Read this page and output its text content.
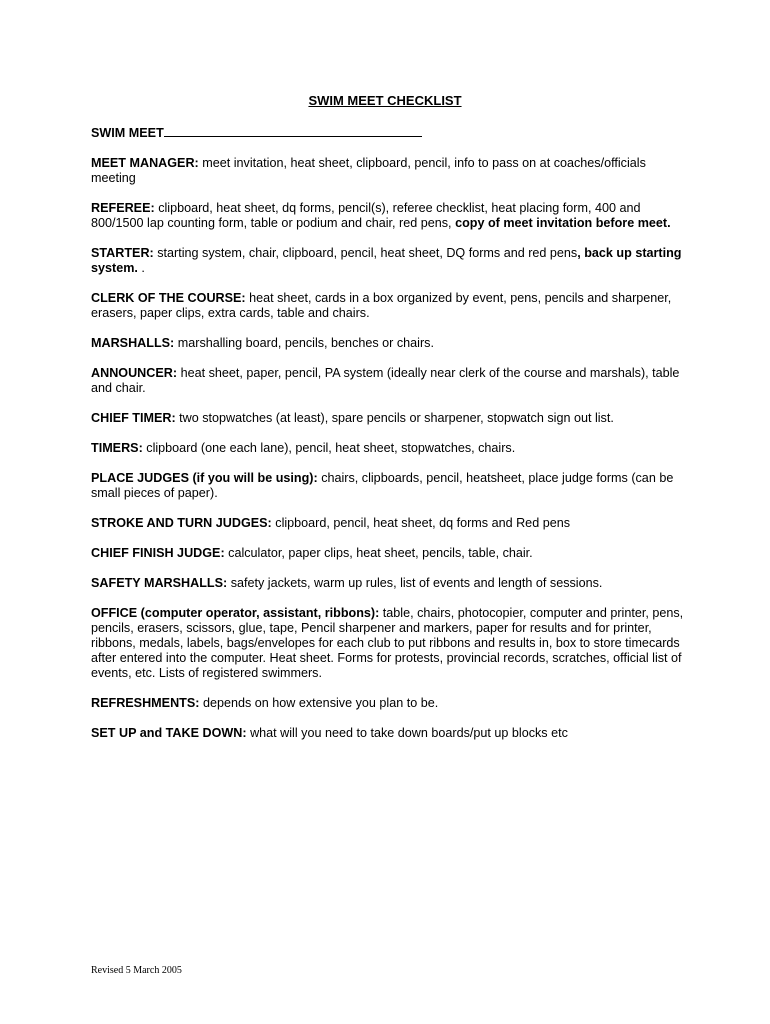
SWIM MEET CHECKLIST

SWIM MEET

MEET MANAGER: meet invitation, heat sheet, clipboard, pencil, info to pass on at coaches/officials meeting

REFEREE: clipboard, heat sheet, dq forms, pencil(s), referee checklist, heat placing form, 400 and 800/1500 lap counting form, table or podium and chair, red pens, copy of meet invitation before meet.

STARTER: starting system, chair, clipboard, pencil, heat sheet, DQ forms and red pens, back up starting system. .

CLERK OF THE COURSE: heat sheet, cards in a box organized by event, pens, pencils and sharpener, erasers, paper clips, extra cards, table and chairs.

MARSHALLS: marshalling board, pencils, benches or chairs.

ANNOUNCER: heat sheet, paper, pencil, PA system (ideally near clerk of the course and marshals), table and chair.

CHIEF TIMER: two stopwatches (at least), spare pencils or sharpener, stopwatch sign out list.

TIMERS: clipboard (one each lane), pencil, heat sheet, stopwatches, chairs.

PLACE JUDGES (if you will be using): chairs, clipboards, pencil, heatsheet, place judge forms (can be small pieces of paper).

STROKE AND TURN JUDGES: clipboard, pencil, heat sheet, dq forms and Red pens

CHIEF FINISH JUDGE: calculator, paper clips, heat sheet, pencils, table, chair.

SAFETY MARSHALLS: safety jackets, warm up rules, list of events and length of sessions.

OFFICE (computer operator, assistant, ribbons): table, chairs, photocopier, computer and printer, pens, pencils, erasers, scissors, glue, tape, Pencil sharpener and markers, paper for results and for printer, ribbons, medals, labels, bags/envelopes for each club to put ribbons and results in, box to store timecards after entered into the computer. Heat sheet. Forms for protests, provincial records, scratches, official list of events, etc. Lists of registered swimmers.

REFRESHMENTS: depends on how extensive you plan to be.

SET UP and TAKE DOWN: what will you need to take down boards/put up blocks etc

Revised 5 March 2005
